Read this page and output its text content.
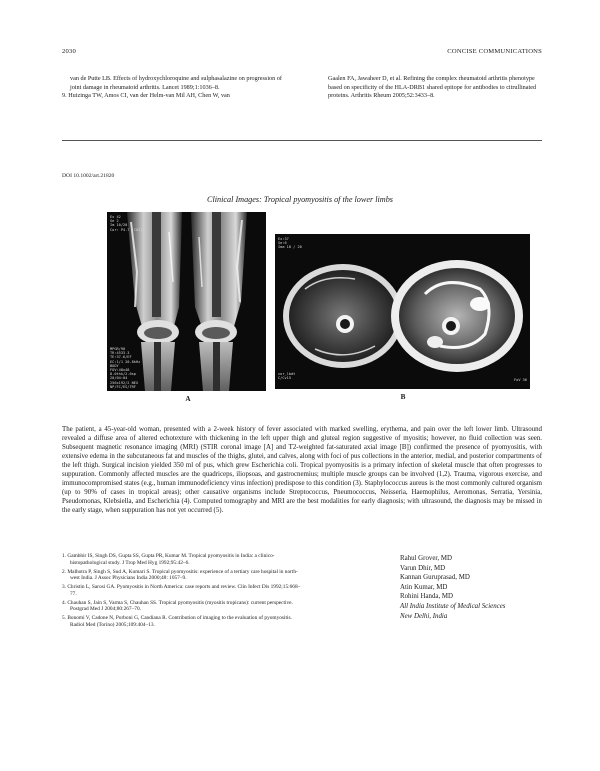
2030	CONCISE COMMUNICATIONS

van de Putte LB. Effects of hydroxychloroquine and sulphasalazine on progression of joint damage in rheumatoid arthritis. Lancet 1989;1:1036–8.

9. Huizinga TW, Amos CI, van der Helm-van Mil AH, Chen W, van

Gaalen FA, Jawaheer D, et al. Refining the complex rheumatoid arthritis phenotype based on specificity of the HLA-DRB1 shared epitope for antibodies to citrullinated proteins. Arthritis Rheum 2005;52:3433–8.

DOI 10.1002/art.21820
Clinical Images: Tropical pyomyositis of the lower limbs
Ex 42
Se 2
Im 10/20
Cor: P4.7 (COI)
MPGR/90
TR:4533.3
TE:37.6/EF
EC:1/1 20.8kHz
BODY
FOV:48x48
8.0thk/2.0sp
20/04:04
256x192/2 NEX
NP/FC/ES/TRF
A
Ex:37
Se:6
Ima 18 / 20
cor_lbdt
C/Cv15	FoV 36
B

The patient, a 45-year-old woman, presented with a 2-week history of fever associated with marked swelling, erythema, and pain over the left lower limb. Ultrasound revealed a diffuse area of altered echotexture with thickening in the left upper thigh and gluteal region suggestive of myositis; however, no fluid collection was seen. Subsequent magnetic resonance imaging (MRI) (STIR coronal image [A] and T2-weighted fat-saturated axial image [B]) confirmed the presence of pyomyositis, with extensive edema in the subcutaneous fat and muscles of the thighs, glutei, and calves, along with foci of pus collections in the anterior, medial, and posterior compartments of the left thigh. Surgical incision yielded 350 ml of pus, which grew Escherichia coli. Tropical pyomyositis is a primary infection of skeletal muscle that often progresses to suppuration. Commonly affected muscles are the quadriceps, iliopsoas, and gastrocnemius; multiple muscle groups can be involved (1,2). Trauma, vigorous exercise, and immunocompromised states (e.g., human immunodeficiency virus infection) predispose to this condition (3). Staphylococcus aureus is the most commonly cultured organism (up to 90% of cases in tropical areas); other causative organisms include Streptococcus, Pneumococcus, Neisseria, Haemophilus, Aeromonas, Serratia, Yersinia, Pseudomonas, Klebsiella, and Escherichia (4). Computed tomography and MRI are the best modalities for early diagnosis; with ultrasound, the diagnosis may be missed in the early stage, when suppuration has not yet occurred (5).

1. Gambhir IS, Singh DS, Gupta SS, Gupta PR, Kumar M. Tropical pyomyositis in India: a clinico-histopathological study. J Trop Med Hyg 1992;95:42–6.
2. Malhotra P, Singh S, Sud A, Kumari S. Tropical pyomyositis: experience of a tertiary care hospital in north-west India. J Assoc Physicians India 2000;48: 1057–9.
3. Christin L, Sarosi GA. Pyomyositis in North America: case reports and review. Clin Infect Dis 1992;15:668–77.
4. Chauhan S, Jain S, Varma S, Chauhan SS. Tropical pyomyositis (myositis tropicans): current perspective. Postgrad Med J 2004;80:267–70.
5. Bonomi V, Cadone N, Porboni G, Candiana R. Contribution of imaging to the evaluation of pyomyositis. Radiol Med (Torino) 2005;109:404–13.
Rahul Grover, MD
Varun Dhir, MD
Kannan Guruprasad, MD
Atin Kumar, MD
Rohini Handa, MD
All India Institute of Medical Sciences
New Delhi, India
